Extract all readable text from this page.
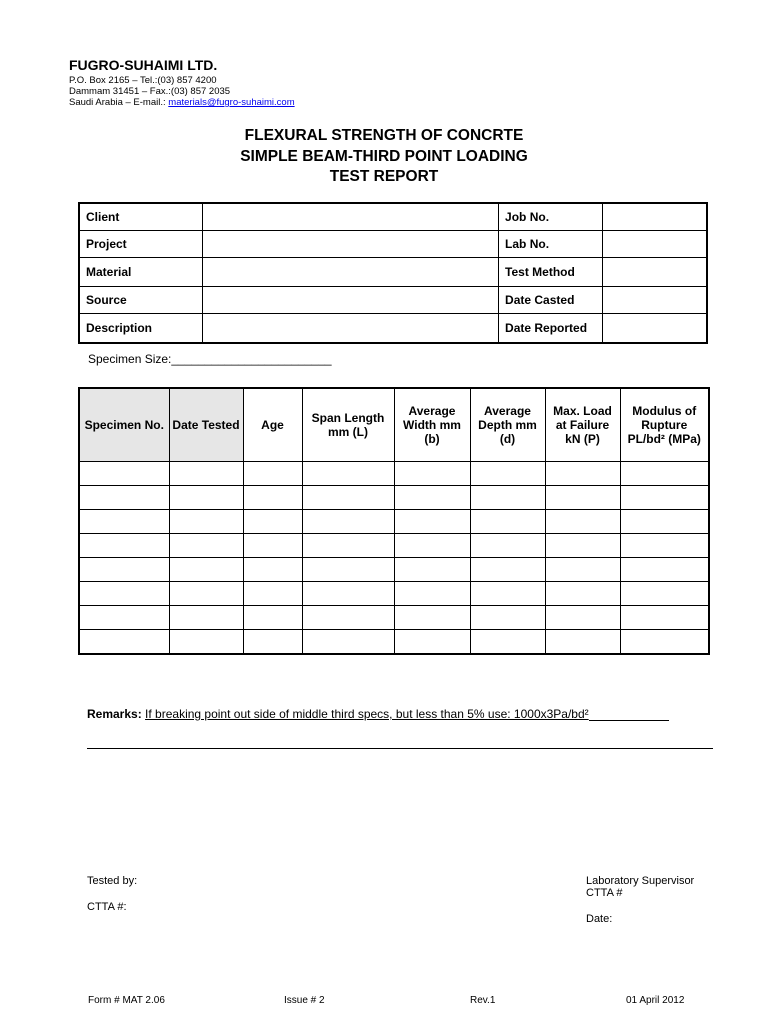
FUGRO-SUHAIMI LTD.
P.O. Box 2165 – Tel.:(03) 857 4200
Dammam 31451 – Fax.:(03) 857 2035
Saudi Arabia – E-mail.: materials@fugro-suhaimi.com
FLEXURAL STRENGTH OF CONCRTE
SIMPLE BEAM-THIRD POINT LOADING
TEST REPORT
Client		Job No.	
Project		Lab No.	
Material		Test Method	
Source		Date Casted	
Description		Date Reported	
Specimen Size:________________________
Specimen No.	Date Tested	Age	Span Length mm (L)	Average Width mm (b)	Average Depth mm (d)	Max. Load at Failure kN (P)	Modulus of Rupture PL/bd² (MPa)

Remarks: If breaking point out side of middle third specs, but less than 5% use: 1000x3Pa/bd²
Tested by:
CTTA #:
Laboratory Supervisor
CTTA #
Date:
Form # MAT 2.06	Issue # 2	Rev.1	01 April 2012
